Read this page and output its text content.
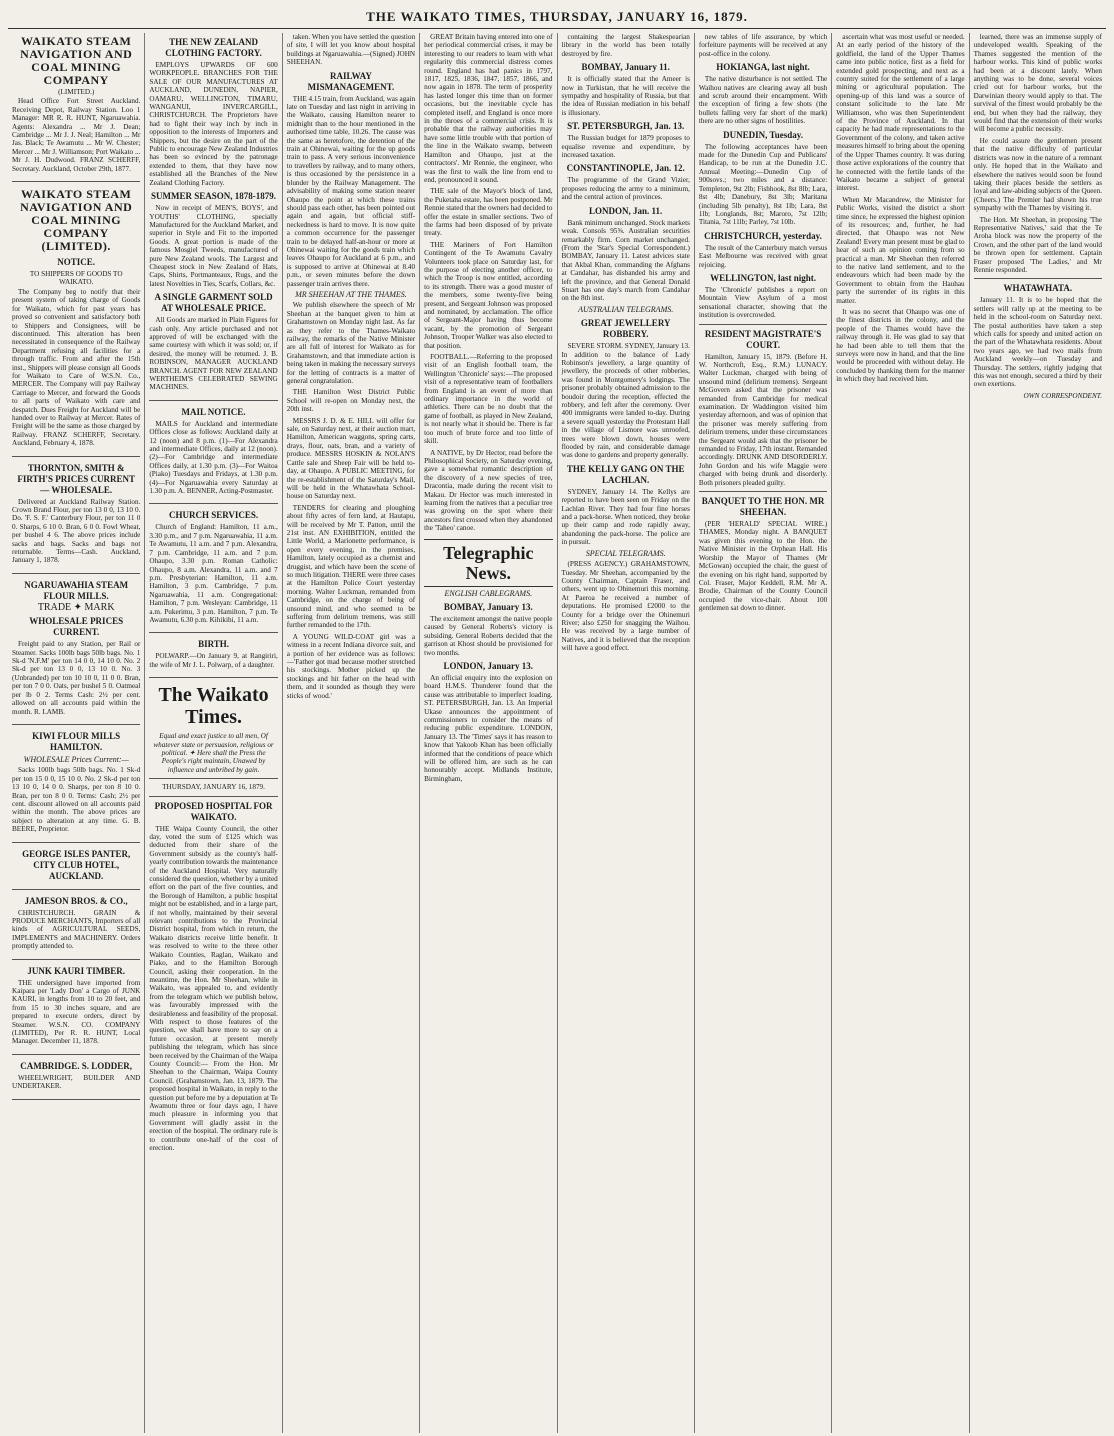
THE WAIKATO TIMES, THURSDAY, JANUARY 16, 1879.
WAIKATO STEAM NAVIGATION AND COAL MINING COMPANY
(LIMITED.)

Head Office Fort Street Auckland. Receiving Depot, Railway Station. Loo 1 Manager: MR R. R. HUNT, Ngaruawahia. Agents: Alexandra ... Mr J. Dean; Cambridge ... Mr J. J. Neal; Hamilton ... Mr Jas. Black; Te Awamutu ... Mr W. Chester; Mercer ... Mr J. Williamson; Port Waikato ... Mr J. H. Dudwood. FRANZ SCHERFF, Secretary. Auckland, October 29th, 1877.

WAIKATO STEAM NAVIGATION AND COAL MINING COMPANY (LIMITED).
NOTICE.
TO SHIPPERS OF GOODS TO WAIKATO.

The Company beg to notify that their present system of taking charge of Goods for Waikato, which for past years has proved so convenient and satisfactory both to Shippers and Consignees, will be discontinued. This alteration has been necessitated in consequence of the Railway Department refusing all facilities for a through traffic. From and after the 15th inst., Shippers will please consign all Goods for Waikato to Care of W.S.N. Co., MERCER. The Company will pay Railway Carriage to Mercer, and forward the Goods to all parts of Waikato with care and despatch. Dues Freight for Auckland will be handed over to Railway at Mercer. Rates of Freight will be the same as those charged by Railway. FRANZ SCHERFF, Secretary. Auckland, February 4, 1878.

THORNTON, SMITH & FIRTH'S PRICES CURRENT — WHOLESALE.

Delivered at Auckland Railway Station. Crown Brand Flour, per ton 13 0 0, 13 10 0. Do. 'F. S. F.' Canterbury Flour, per ton 11 0 0. Sharps, 6 10 0. Bran, 6 0 0. Fowl Wheat, per bushel 4 6. The above prices include sacks and bags. Sacks and bags not returnable. Terms—Cash. Auckland, January 1, 1878.

NGARUAWAHIA STEAM FLOUR MILLS.
TRADE ✦ MARK
WHOLESALE PRICES CURRENT.

Freight paid to any Station, per Rail or Steamer. Sacks 100lb bags 50lb bags. No. 1 Sk-d 'N.F.M' per ton 14 0 0, 14 10 0. No. 2 Sk-d per ton 13 0 0, 13 10 0. No. 3 (Unbranded) per ton 10 10 0, 11 0 0. Bran, per ton 7 0 0. Oats, per bushel 5 0. Oatmeal per lb 0 2. Terms Cash: 2½ per cent. allowed on all accounts paid within the month. R. LAMB.

KIWI FLOUR MILLS HAMILTON.
WHOLESALE Prices Current:—

Sacks 100lb bags 50lb bags. No. 1 Sk-d per ton 15 0 0, 15 10 0. No. 2 Sk-d per ton 13 10 0, 14 0 0. Sharps, per ton 8 10 0. Bran, per ton 8 0 0. Terms: Cash; 2½ per cent. discount allowed on all accounts paid within the month. The above prices are subject to alteration at any time. G. B. BEERE, Proprietor.

GEORGE ISLES PANTER, CITY CLUB HOTEL, AUCKLAND.
JAMESON BROS. & CO.,

CHRISTCHURCH. GRAIN & PRODUCE MERCHANTS, Importers of all kinds of AGRICULTURAL SEEDS, IMPLEMENTS and MACHINERY. Orders promptly attended to.

JUNK KAURI TIMBER.

THE undersigned have imported from Kaipara per 'Lady Don' a Cargo of JUNK KAURI, in lengths from 10 to 20 feet, and from 15 to 30 inches square, and are prepared to execute orders, direct by Steamer. W.S.N. CO. COMPANY (LIMITED), Per R. R. HUNT, Local Manager. December 11, 1878.

CAMBRIDGE. S. LODDER,

WHEELWRIGHT, BUILDER AND UNDERTAKER.

THE NEW ZEALAND CLOTHING FACTORY.

EMPLOYS UPWARDS OF 600 WORKPEOPLE. BRANCHES FOR THE SALE OF OUR MANUFACTURES AT AUCKLAND, DUNEDIN, NAPIER, OAMARU, WELLINGTON, TIMARU, WANGANUI, INVERCARGILL, CHRISTCHURCH. The Proprietors have had to fight their way inch by inch in opposition to the interests of Importers and Shippers, but the desire on the part of the Public to encourage New Zealand Industries has been so evinced by the patronage extended to them, that they have now established all the Branches of the New Zealand Clothing Factory.

SUMMER SEASON, 1878-1879.

Now in receipt of MEN'S, BOYS', and YOUTHS' CLOTHING, specially Manufactured for the Auckland Market, and superior in Style and Fit to the imported Goods. A great portion is made of the famous Mosgiel Tweeds, manufactured of pure New Zealand wools. The Largest and Cheapest stock in New Zealand of Hats, Caps, Shirts, Portmanteaux, Rugs, and the latest Novelties in Ties, Scarfs, Collars, &c.

A SINGLE GARMENT SOLD AT WHOLESALE PRICE.

All Goods are marked in Plain Figures for cash only. Any article purchased and not approved of will be exchanged with the same courtesy with which it was sold; or, if desired, the money will be returned. J. B. ROBINSON, MANAGER AUCKLAND BRANCH. AGENT FOR NEW ZEALAND WERTHEIM'S CELEBRATED SEWING MACHINES.

MAIL NOTICE.

MAILS for Auckland and intermediate Offices close as follows: Auckland daily at 12 (noon) and 8 p.m. (1)—For Alexandra and intermediate Offices, daily at 12 (noon). (2)—For Cambridge and intermediate Offices daily, at 1.30 p.m. (3)—For Waitoa (Piako) Tuesdays and Fridays, at 1.30 p.m. (4)—For Ngaruawahia every Saturday at 1.30 p.m. A. BENNER, Acting-Postmaster.

CHURCH SERVICES.

Church of England: Hamilton, 11 a.m., 3.30 p.m., and 7 p.m. Ngaruawahia, 11 a.m. Te Awamutu, 11 a.m. and 7 p.m. Alexandra, 7 p.m. Cambridge, 11 a.m. and 7 p.m. Ohaupo, 3.30 p.m. Roman Catholic: Ohaupo, 8 a.m. Alexandra, 11 a.m. and 7 p.m. Presbyterian: Hamilton, 11 a.m. Hamilton, 3 p.m. Cambridge, 7 p.m. Ngaruawahia, 11 a.m. Congregational: Hamilton, 7 p.m. Wesleyan: Cambridge, 11 a.m. Pukerimu, 3 p.m. Hamilton, 7 p.m. Te Awamutu, 6.30 p.m. Kihikihi, 11 a.m.

BIRTH.

POLWARP.—On January 9, at Rangiriri, the wife of Mr J. L. Polwarp, of a daughter.

The Waikato Times.

Equal and exact justice to all men, Of whatever state or persuasion, religious or political. ✦ Here shall the Press the People's right maintain, Unawed by influence and unbribed by gain.

THURSDAY, JANUARY 16, 1879.
PROPOSED HOSPITAL FOR WAIKATO.

THE Waipa County Council, the other day, voted the sum of £125 which was deducted from their share of the Government subsidy as the county's half-yearly contribution towards the maintenance of the Auckland Hospital. Very naturally considered the question, whether by a united effort on the part of the five counties, and the Borough of Hamilton, a public hospital might not be established, and in a large part, if not wholly, maintained by their several relevant contributions to the Provincial District hospital, from which in return, the Waikato districts receive little benefit. It was resolved to write to the three other Waikato Counties, Raglan, Waikato and Piako, and to the Hamilton Borough Council, asking their cooperation. In the meantime, the Hon. Mr Sheehan, while in Waikato, was appealed to, and evidently from the telegram which we publish below, was favourably impressed with the desirableness and feasibility of the proposal. With respect to those features of the question, we shall have more to say on a future occasion, at present merely publishing the telegram, which has since been received by the Chairman of the Waipa County Council:— From the Hon. Mr Sheehan to the Chairman, Waipa County Council. (Grahamstown, Jan. 13, 1879. The proposed hospital in Waikato, in reply to the question put before me by a deputation at Te Awamutu three or four days ago, I have much pleasure in informing you that Government will gladly assist in the erection of the hospital. The ordinary rule is to contribute one-half of the cost of erection.

taken. When you have settled the question of site, I will let you know about hospital buildings at Ngaruawahia.—(Signed) JOHN SHEEHAN.

RAILWAY MISMANAGEMENT.

THE 4.15 train, from Auckland, was again late on Tuesday and last night in arriving in the Waikato, causing Hamilton nearer to midnight than to the hour mentioned in the authorised time table, 10.26. The cause was the same as heretofore, the detention of the train at Ohinewai, waiting for the up goods train to pass. A very serious inconvenience to travellers by railway, and to many others, is thus occasioned by the persistence in a blunder by the Railway Management. The advisability of making some station nearer Ohaupo the point at which these trains should pass each other, has been pointed out again and again, but official stiff-neckedness is hard to move. It is now quite a common occurrence for the passenger train to be delayed half-an-hour or more at Ohinewai waiting for the goods train which leaves Ohaupo for Auckland at 6 p.m., and is supposed to arrive at Ohinewai at 8.40 p.m., or seven minutes before the down passenger train arrives there.

MR SHEEHAN AT THE THAMES.

We publish elsewhere the speech of Mr Sheehan at the banquet given to him at Grahamstown on Monday night last. As far as they refer to the Thames-Waikato railway, the remarks of the Native Minister are all full of interest for Waikato as for Grahamstown, and that immediate action is being taken in making the necessary surveys for the letting of contracts is a matter of general congratulation.

THE Hamilton West District Public School will re-open on Monday next, the 20th inst.

MESSRS J. D. & E. HILL will offer for sale, on Saturday next, at their auction mart, Hamilton, American waggons, spring carts, drays, flour, oats, bran, and a variety of produce. MESSRS HOSKIN & NOLAN'S Cattle sale and Sheep Fair will be held to-day, at Ohaupo. A PUBLIC MEETING, for the re-establishment of the Saturday's Mail, will be held in the Whatawhata School-house on Saturday next.

TENDERS for clearing and ploughing about fifty acres of fern land, at Hautapu, will be received by Mr T. Patton, until the 21st inst. AN EXHIBITION, entitled the Little World, a Marionette performance, is open every evening, in the premises, Hamilton, lately occupied as a chemist and druggist, and which have been the scene of so much litigation. THERE were three cases at the Hamilton Police Court yesterday morning. Walter Luckman, remanded from Cambridge, on the charge of being of unsound mind, and who seemed to be suffering from delirium tremens, was still further remanded to the 17th.

A YOUNG WILD-COAT girl was a witness in a recent Indiana divorce suit, and a portion of her evidence was as follows:—'Father got mad because mother stretched his stockings. Mother picked up the stockings and hit father on the head with them, and it sounded as though they were sticks of wood.'

GREAT Britain having entered into one of her periodical commercial crises, it may be interesting to our readers to learn with what regularity this commercial distress comes round. England has had panics in 1797, 1817, 1825, 1836, 1847, 1857, 1866, and now again in 1878. The term of prosperity has lasted longer this time than on former occasions, but the inevitable cycle has completed itself, and England is once more in the throes of a commercial crisis. It is probable that the railway authorities may have some little trouble with that portion of the line in the Waikato swamp, between Hamilton and Ohaupo, just at the contractors'. Mr Rennie, the engineer, who was the first to walk the line from end to end, pronounced it sound.

THE sale of the Mayor's block of land, the Puketaha estate, has been postponed. Mr Rennie stated that the owners had decided to offer the estate in smaller sections. Two of the farms had been disposed of by private treaty.

THE Mariners of Fort Hamilton Contingent of the Te Awamutu Cavalry Volunteers took place on Saturday last, for the purpose of electing another officer, to which the Troop is now entitled, according to its strength. There was a good muster of the members, some twenty-five being present, and Sergeant Johnson was proposed and nominated, by acclamation. The office of Sergeant-Major having thus become vacant, by the promotion of Sergeant Johnson, Trooper Walker was also elected to that position.

FOOTBALL.—Referring to the proposed visit of an English football team, the Wellington 'Chronicle' says:—The proposed visit of a representative team of footballers from England is an event of more than ordinary importance in the world of athletics. There can be no doubt that the game of football, as played in New Zealand, is not nearly what it should be. There is far too much of brute force and too little of skill.

A NATIVE, by Dr Hector, read before the Philosophical Society, on Saturday evening, gave a somewhat romantic description of the discovery of a new species of tree, Dracontia, made during the recent visit to Makau. Dr Hector was much interested in learning from the natives that a peculiar tree was growing on the spot where their ancestors first crossed when they abandoned the 'Taheo' canoe.

Telegraphic News.
ENGLISH CABLEGRAMS.
BOMBAY, January 13.

The excitement amongst the native people caused by General Roberts's victory is subsiding. General Roberts decided that the garrison at Khost should be provisioned for two months.

LONDON, January 13.

An official enquiry into the explosion on board H.M.S. Thunderer found that the cause was attributable to imperfect loading. ST. PETERSBURGH, Jan. 13. An Imperial Ukase announces the appointment of commissioners to consider the means of reducing public expenditure. LONDON, January 13. The 'Times' says it has reason to know that Yakoob Khan has been officially informed that the conditions of peace which will be offered him, are such as he can honourably accept. Midlands Institute, Birmingham,

containing the largest Shakespearian library in the world has been totally destroyed by fire.

BOMBAY, January 11.

It is officially stated that the Ameer is now in Turkistan, that he will receive the sympathy and hospitality of Russia, but that the idea of Russian mediation in his behalf is illusionary.

ST. PETERSBURGH, Jan. 13.

The Russian budget for 1879 proposes to equalise revenue and expenditure, by increased taxation.

CONSTANTINOPLE, Jan. 12.

The programme of the Grand Vizier, proposes reducing the army to a minimum, and the central action of provinces.

LONDON, Jan. 11.

Bank minimum unchanged. Stock markets weak. Consols 95⅝. Australian securities remarkably firm. Corn market unchanged. (From the 'Star's Special Correspondent.) BOMBAY, January 11. Latest advices state that Akbal Khan, commanding the Afghans at Candahar, has disbanded his army and left the province, and that General Donald Stuart has one day's march from Candahar on the 8th inst.

AUSTRALIAN TELEGRAMS.
GREAT JEWELLERY ROBBERY.

SEVERE STORM. SYDNEY, January 13. In addition to the balance of Lady Robinson's jewellery, a large quantity of jewellery, the proceeds of other robberies, was found in Montgomery's lodgings. The prisoner probably obtained admission to the boudoir during the reception, effected the robbery, and left after the ceremony. Over 400 immigrants were landed to-day. During a severe squall yesterday the Protestant Hall in the village of Lismore was unroofed, trees were blown down, houses were flooded by rain, and considerable damage was done to gardens and property generally.

THE KELLY GANG ON THE LACHLAN.

SYDNEY, January 14. The Kellys are reported to have been seen on Friday on the Lachlan River. They had four fine horses and a pack-horse. When noticed, they broke up their camp and rode rapidly away, abandoning the pack-horse. The police are in pursuit.

SPECIAL TELEGRAMS.

(PRESS AGENCY.) GRAHAMSTOWN, Tuesday. Mr Sheehan, accompanied by the County Chairman, Captain Fraser, and others, went up to Ohinemuri this morning. At Paeroa he received a number of deputations. He promised £2000 to the County for a bridge over the Ohinemuri River; also £250 for snagging the Waihou. He was received by a large number of Natives, and it is believed that the reception will have a good effect.

new tables of life assurance, by which forfeiture payments will be received at any post-office in the colony.

HOKIANGA, last night.

The native disturbance is not settled. The Waihou natives are clearing away all bush and scrub around their encampment. With the exception of firing a few shots (the bullets falling very far short of the mark) there are no other signs of hostilities.

DUNEDIN, Tuesday.

The following acceptances have been made for the Dunedin Cup and Publicans' Handicap, to be run at the Dunedin J.C. Annual Meeting:—Dunedin Cup of 900sovs.; two miles and a distance: Templeton, 9st 2lb; Fishhook, 8st 8lb; Lara, 8st 4lb; Danebury, 8st 3lb; Maritana (including 5lb penalty), 8st 1lb; Lara, 8st 1lb; Longlands, 8st; Maroro, 7st 12lb; Titania, 7st 11lb; Parley, 7st 10lb.

CHRISTCHURCH, yesterday.

The result of the Canterbury match versus East Melbourne was received with great rejoicing.

WELLINGTON, last night.

The 'Chronicle' publishes a report on Mountain View Asylum of a most sensational character, showing that the institution is overcrowded.

RESIDENT MAGISTRATE'S COURT.

Hamilton, January 15, 1879. (Before H. W. Northcroft, Esq., R.M.) LUNACY. Walter Luckman, charged with being of unsound mind (delirium tremens). Sergeant McGovern asked that the prisoner was remanded from Cambridge for medical examination. Dr Waddington visited him yesterday afternoon, and was of opinion that the prisoner was merely suffering from delirium tremens, under these circumstances the Sergeant would ask that the prisoner be remanded to Friday, 17th instant. Remanded accordingly. DRUNK AND DISORDERLY. John Gordon and his wife Maggie were charged with being drunk and disorderly. Both prisoners pleaded guilty.

BANQUET TO THE HON. MR SHEEHAN.

(PER 'HERALD' SPECIAL WIRE.) THAMES, Monday night. A BANQUET was given this evening to the Hon. the Native Minister in the Orphean Hall. His Worship the Mayor of Thames (Mr McGowan) occupied the chair, the guest of the evening on his right hand, supported by Col. Fraser, Major Keddell, R.M. Mr A. Brodie, Chairman of the County Council occupied the vice-chair. About 100 gentlemen sat down to dinner.

ascertain what was most useful or needed. At an early period of the history of the goldfield, the land of the Upper Thames came into public notice, first as a field for extended gold prospecting, and next as a country suited for the settlement of a large mining or agricultural population. The opening-up of this land was a source of constant solicitude to the late Mr Williamson, who was then Superintendent of the Province of Auckland. In that capacity he had made representations to the Government of the colony, and taken active measures himself to bring about the opening of the Upper Thames country. It was during those active explorations of the country that he connected with the fertile lands of the Waikato became a subject of general interest.

When Mr Macandrew, the Minister for Public Works, visited the district a short time since, he expressed the highest opinion of its resources; and, further, he had directed, that Ohaupo was not New Zealand! Every man present must be glad to hear of such an opinion coming from so practical a man. Mr Sheehan then referred to the native land settlement, and to the endeavours which had been made by the Government to obtain from the Hauhau party the surrender of its rights in this matter.

It was no secret that Ohaupo was one of the finest districts in the colony, and the people of the Thames would have the railway through it. He was glad to say that he had been able to tell them that the surveys were now in hand, and that the line would be proceeded with without delay. He concluded by thanking them for the manner in which they had received him.

learned, there was an immense supply of undeveloped wealth. Speaking of the Thames suggested the mention of the harbour works. This kind of public works had been at a discount lately. When anything was to be done, several voices cried out for harbour works, but the Darwinian theory would apply to that. The survival of the fittest would probably be the end, but when they had the railway, they would find that the extension of their works will become a public necessity.

He could assure the gentlemen present that the native difficulty of particular districts was now in the nature of a remnant only. He hoped that in the Waikato and elsewhere the natives would soon be found taking their places beside the settlers as loyal and law-abiding subjects of the Queen. (Cheers.) The Premier had shown his true sympathy with the Thames by visiting it.

The Hon. Mr Sheehan, in proposing 'The Representative Natives,' said that the Te Aroha block was now the property of the Crown, and the other part of the land would be thrown open for settlement. Captain Fraser proposed 'The Ladies,' and Mr Rennie responded.

WHATAWHATA.

January 11. It is to be hoped that the settlers will rally up at the meeting to be held in the school-room on Saturday next. The postal authorities have taken a step which calls for speedy and united action on the part of the Whatawhata residents. About two years ago, we had two mails from Auckland weekly—on Tuesday and Thursday. The settlers, rightly judging that this was not enough, secured a third by their own exertions.

OWN CORRESPONDENT.
